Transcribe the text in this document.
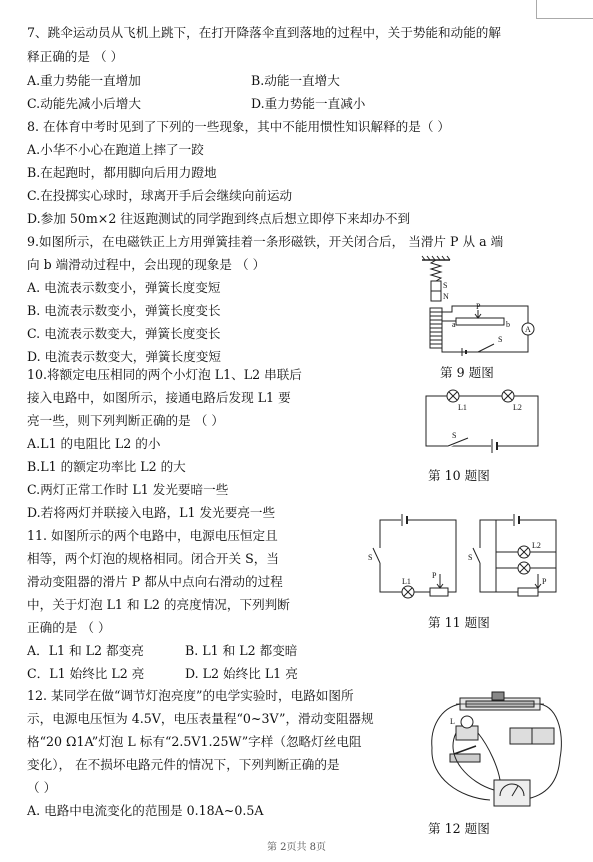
7、跳伞运动员从飞机上跳下，在打开降落伞直到落地的过程中，关于势能和动能的解
释正确的是 （ ）
A.重力势能一直增加	B.动能一直增大
C.动能先减小后增大	D.重力势能一直减小
8. 在体育中考时见到了下列的一些现象，其中不能用惯性知识解释的是（ ）
A.小华不小心在跑道上摔了一跤
B.在起跑时，都用脚向后用力蹬地
C.在投掷实心球时，球离开手后会继续向前运动
D.参加 50m×2 往返跑测试的同学跑到终点后想立即停下来却办不到
9.如图所示，在电磁铁正上方用弹簧挂着一条形磁铁，开关闭合后， 当滑片 P 从 a 端
向 b 端滑动过程中，会出现的现象是 （ ）
A. 电流表示数变小，弹簧长度变短
B. 电流表示数变小，弹簧长度变长
C. 电流表示数变大，弹簧长度变长
D. 电流表示数变大，弹簧长度变短
S
N
P
a	b
S
A
第 9 题图
10.将额定电压相同的两个小灯泡 L1、L2 串联后
接入电路中，如图所示，接通电路后发现 L1 要
亮一些，则下列判断正确的是 （ ）
A.L1 的电阻比 L2 的小
B.L1 的额定功率比 L2 的大
C.两灯正常工作时 L1 发光要暗一些
D.若将两灯并联接入电路，L1 发光要亮一些
L1	L2
S
第 10 题图
11. 如图所示的两个电路中，电源电压恒定且
相等，两个灯泡的规格相同。闭合开关 S，当
滑动变阻器的滑片 P 都从中点向右滑动的过程
中，关于灯泡 L1 和 L2 的亮度情况，下列判断
正确的是 （ ）
A．L1 和 L2 都变亮	B. L1 和 L2 都变暗
C．L1 始终比 L2 亮	D. L2 始终比 L1 亮
S
L1
P
S
L2
P
第 11 题图
12. 某同学在做“调节灯泡亮度”的电学实验时，电路如图所
示，电源电压恒为 4.5V，电压表量程“0~3V”，滑动变阻器规
格“20 Ω1A”灯泡 L 标有“2.5V1.25W”字样（忽略灯丝电阻
变化）， 在不损坏电路元件的情况下，下列判断正确的是
（ ）
A. 电路中电流变化的范围是 0.18A~0.5A
L
第 12 题图
第 2页共 8页
